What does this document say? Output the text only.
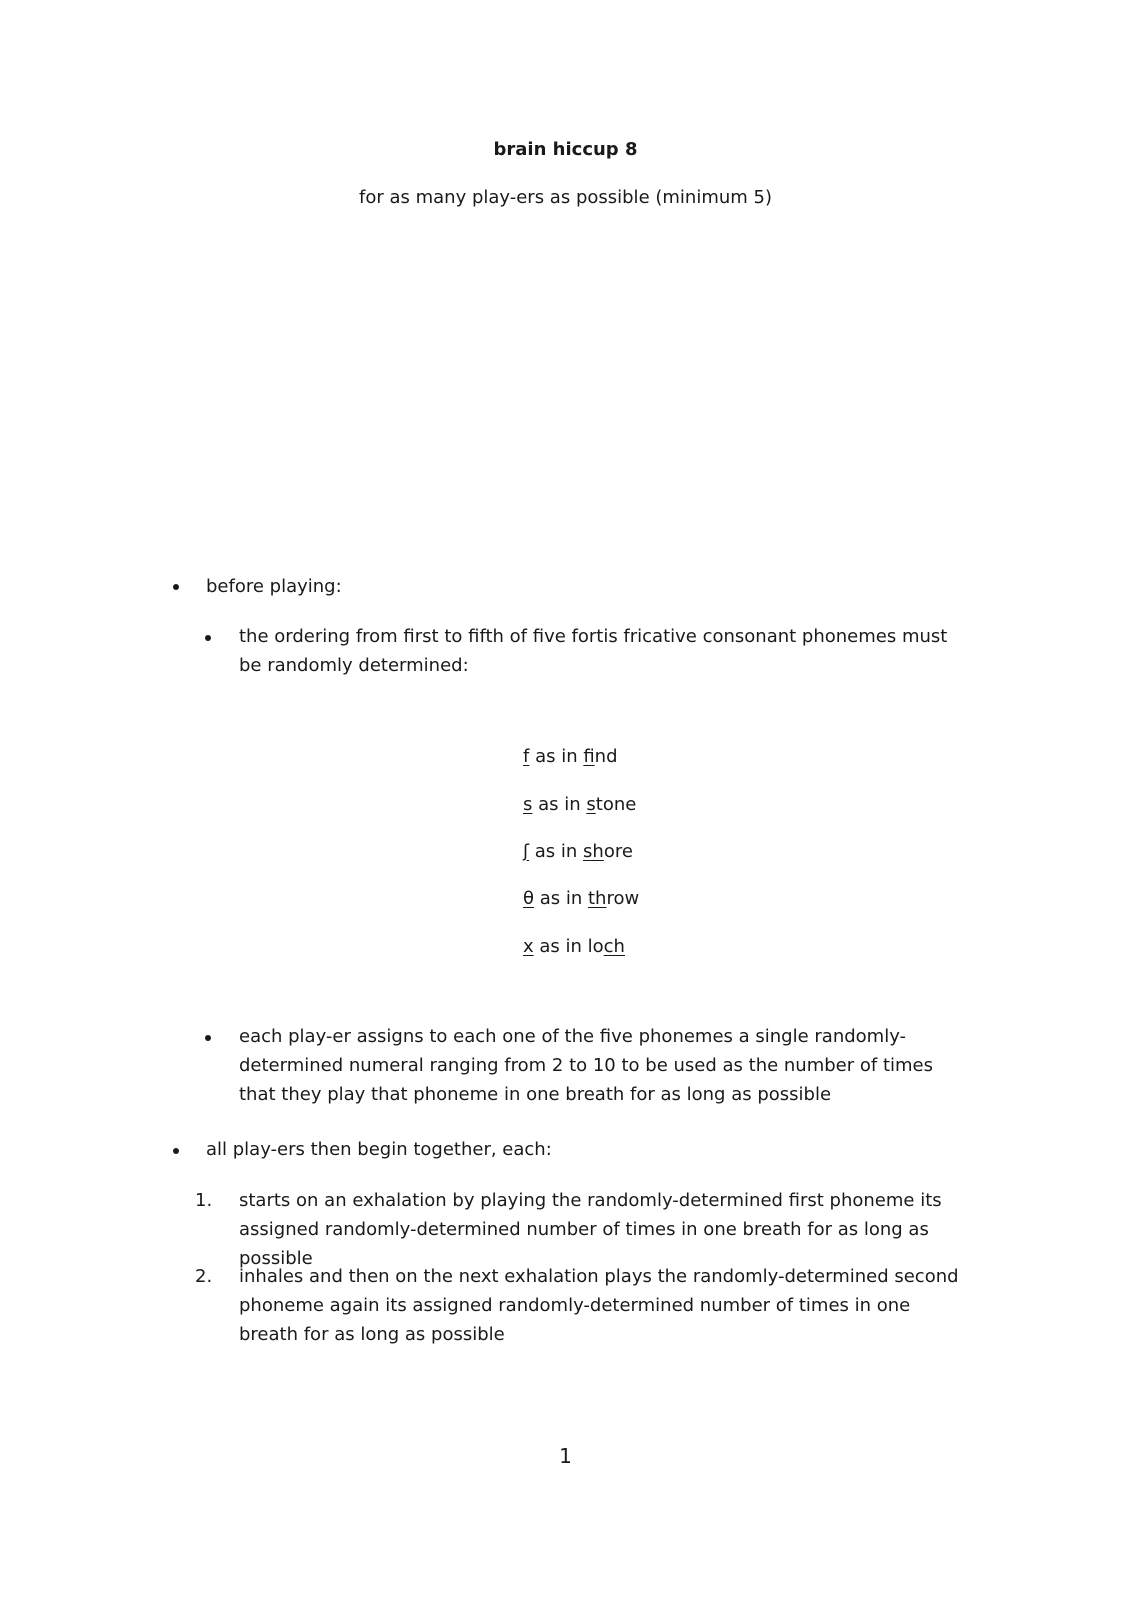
brain hiccup 8
for as many play-ers as possible (minimum 5)
before playing:
the ordering from first to fifth of five fortis fricative consonant phonemes must be randomly determined:
f as in find
s as in stone
ʃ as in shore
θ as in throw
x as in loch
each play-er assigns to each one of the five phonemes a single randomly-determined numeral ranging from 2 to 10 to be used as the number of times that they play that phoneme in one breath for as long as possible
all play-ers then begin together, each:
1. starts on an exhalation by playing the randomly-determined first phoneme its assigned randomly-determined number of times in one breath for as long as possible
2. inhales and then on the next exhalation plays the randomly-determined second phoneme again its assigned randomly-determined number of times in one breath for as long as possible
1
